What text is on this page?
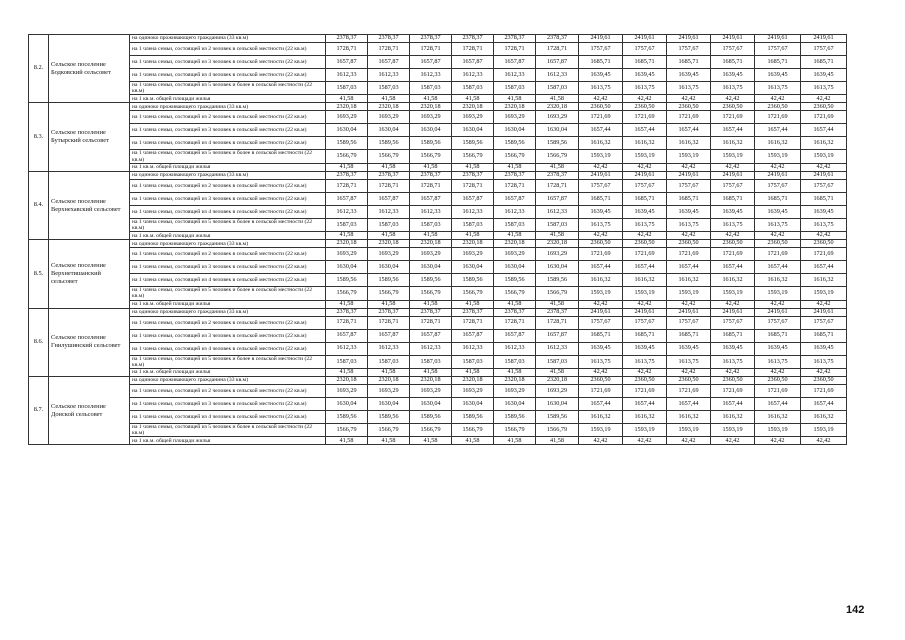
8.2.	Сельское поселение Бодковский сельсовет	на одиноко проживающего гражданина (33 кв.м)	2378,37	2378,37	2378,37	2378,37	2378,37	2378,37	2419,61	2419,61	2419,61	2419,61	2419,61	2419,61
		на 1 члена семьи, состоящей из 2 человек в сельской местности (22 кв.м)	1728,71	1728,71	1728,71	1728,71	1728,71	1728,71	1757,67	1757,67	1757,67	1757,67	1757,67	1757,67
		на 1 члена семьи, состоящей из 3 человек в сельской местности (22 кв.м)	1657,87	1657,87	1657,87	1657,87	1657,87	1657,87	1685,71	1685,71	1685,71	1685,71	1685,71	1685,71
		на 1 члена семьи, состоящей из 4 человек в сельской местности (22 кв.м)	1612,33	1612,33	1612,33	1612,33	1612,33	1612,33	1639,45	1639,45	1639,45	1639,45	1639,45	1639,45
		на 1 члена семьи, состоящей из 5 человек и более в сельской местности (22 кв.м)	1587,03	1587,03	1587,03	1587,03	1587,03	1587,03	1613,75	1613,75	1613,75	1613,75	1613,75	1613,75
		на 1 кв.м. общей площади жилья	41,58	41,58	41,58	41,58	41,58	41,58	42,42	42,42	42,42	42,42	42,42	42,42
8.3.	Сельское поселение Бутырский сельсовет	на одиноко проживающего гражданина (33 кв.м)	2320,18	2320,18	2320,18	2320,18	2320,18	2320,18	2360,50	2360,50	2360,50	2360,50	2360,50	2360,50
		на 1 члена семьи, состоящей из 2 человек в сельской местности (22 кв.м)	1693,29	1693,29	1693,29	1693,29	1693,29	1693,29	1721,69	1721,69	1721,69	1721,69	1721,69	1721,69
		на 1 члена семьи, состоящей из 3 человек в сельской местности (22 кв.м)	1630,04	1630,04	1630,04	1630,04	1630,04	1630,04	1657,44	1657,44	1657,44	1657,44	1657,44	1657,44
		на 1 члена семьи, состоящей из 4 человек в сельской местности (22 кв.м)	1589,56	1589,56	1589,56	1589,56	1589,56	1589,56	1616,32	1616,32	1616,32	1616,32	1616,32	1616,32
		на 1 члена семьи, состоящей из 5 человек и более в сельской местности (22 кв.м)	1566,79	1566,79	1566,79	1566,79	1566,79	1566,79	1593,19	1593,19	1593,19	1593,19	1593,19	1593,19
		на 1 кв.м. общей площади жилья	41,58	41,58	41,58	41,58	41,58	41,58	42,42	42,42	42,42	42,42	42,42	42,42
8.4.	Сельское поселение Верхнехавский сельсовет	на одиноко проживающего гражданина (33 кв.м)	2378,37	2378,37	2378,37	2378,37	2378,37	2378,37	2419,61	2419,61	2419,61	2419,61	2419,61	2419,61
		на 1 члена семьи, состоящей из 2 человек в сельской местности (22 кв.м)	1728,71	1728,71	1728,71	1728,71	1728,71	1728,71	1757,67	1757,67	1757,67	1757,67	1757,67	1757,67
		на 1 члена семьи, состоящей из 3 человек в сельской местности (22 кв.м)	1657,87	1657,87	1657,87	1657,87	1657,87	1657,87	1685,71	1685,71	1685,71	1685,71	1685,71	1685,71
		на 1 члена семьи, состоящей из 4 человек в сельской местности (22 кв.м)	1612,33	1612,33	1612,33	1612,33	1612,33	1612,33	1639,45	1639,45	1639,45	1639,45	1639,45	1639,45
		на 1 члена семьи, состоящей из 5 человек и более в сельской местности (22 кв.м)	1587,03	1587,03	1587,03	1587,03	1587,03	1587,03	1613,75	1613,75	1613,75	1613,75	1613,75	1613,75
		на 1 кв.м. общей площади жилья	41,58	41,58	41,58	41,58	41,58	41,58	42,42	42,42	42,42	42,42	42,42	42,42
8.5.	Сельское поселение Верхнетишанский сельсовет	на одиноко проживающего гражданина (33 кв.м)	2320,18	2320,18	2320,18	2320,18	2320,18	2320,18	2360,50	2360,50	2360,50	2360,50	2360,50	2360,50
		на 1 члена семьи, состоящей из 2 человек в сельской местности (22 кв.м)	1693,29	1693,29	1693,29	1693,29	1693,29	1693,29	1721,69	1721,69	1721,69	1721,69	1721,69	1721,69
		на 1 члена семьи, состоящей из 3 человек в сельской местности (22 кв.м)	1630,04	1630,04	1630,04	1630,04	1630,04	1630,04	1657,44	1657,44	1657,44	1657,44	1657,44	1657,44
		на 1 члена семьи, состоящей из 4 человек в сельской местности (22 кв.м)	1589,56	1589,56	1589,56	1589,56	1589,56	1589,56	1616,32	1616,32	1616,32	1616,32	1616,32	1616,32
		на 1 члена семьи, состоящей из 5 человек и более в сельской местности (22 кв.м)	1566,79	1566,79	1566,79	1566,79	1566,79	1566,79	1593,19	1593,19	1593,19	1593,19	1593,19	1593,19
		на 1 кв.м. общей площади жилья	41,58	41,58	41,58	41,58	41,58	41,58	42,42	42,42	42,42	42,42	42,42	42,42
8.6.	Сельское поселение Гнилушинский сельсовет	на одиноко проживающего гражданина (33 кв.м)	2378,37	2378,37	2378,37	2378,37	2378,37	2378,37	2419,61	2419,61	2419,61	2419,61	2419,61	2419,61
		на 1 члена семьи, состоящей из 2 человек в сельской местности (22 кв.м)	1728,71	1728,71	1728,71	1728,71	1728,71	1728,71	1757,67	1757,67	1757,67	1757,67	1757,67	1757,67
		на 1 члена семьи, состоящей из 3 человек в сельской местности (22 кв.м)	1657,87	1657,87	1657,87	1657,87	1657,87	1657,87	1685,71	1685,71	1685,71	1685,71	1685,71	1685,71
		на 1 члена семьи, состоящей из 4 человек в сельской местности (22 кв.м)	1612,33	1612,33	1612,33	1612,33	1612,33	1612,33	1639,45	1639,45	1639,45	1639,45	1639,45	1639,45
		на 1 члена семьи, состоящей из 5 человек и более в сельской местности (22 кв.м)	1587,03	1587,03	1587,03	1587,03	1587,03	1587,03	1613,75	1613,75	1613,75	1613,75	1613,75	1613,75
		на 1 кв.м. общей площади жилья	41,58	41,58	41,58	41,58	41,58	41,58	42,42	42,42	42,42	42,42	42,42	42,42
8.7.	Сельское поселение Донской сельсовет	на одиноко проживающего гражданина (33 кв.м)	2320,18	2320,18	2320,18	2320,18	2320,18	2320,18	2360,50	2360,50	2360,50	2360,50	2360,50	2360,50
		на 1 члена семьи, состоящей из 2 человек в сельской местности (22 кв.м)	1693,29	1693,29	1693,29	1693,29	1693,29	1693,29	1721,69	1721,69	1721,69	1721,69	1721,69	1721,69
		на 1 члена семьи, состоящей из 3 человек в сельской местности (22 кв.м)	1630,04	1630,04	1630,04	1630,04	1630,04	1630,04	1657,44	1657,44	1657,44	1657,44	1657,44	1657,44
		на 1 члена семьи, состоящей из 4 человек в сельской местности (22 кв.м)	1589,56	1589,56	1589,56	1589,56	1589,56	1589,56	1616,32	1616,32	1616,32	1616,32	1616,32	1616,32
		на 1 члена семьи, состоящей из 5 человек и более в сельской местности (22 кв.м)	1566,79	1566,79	1566,79	1566,79	1566,79	1566,79	1593,19	1593,19	1593,19	1593,19	1593,19	1593,19
		на 1 кв.м. общей площади жилья	41,58	41,58	41,58	41,58	41,58	41,58	42,42	42,42	42,42	42,42	42,42	42,42
142
